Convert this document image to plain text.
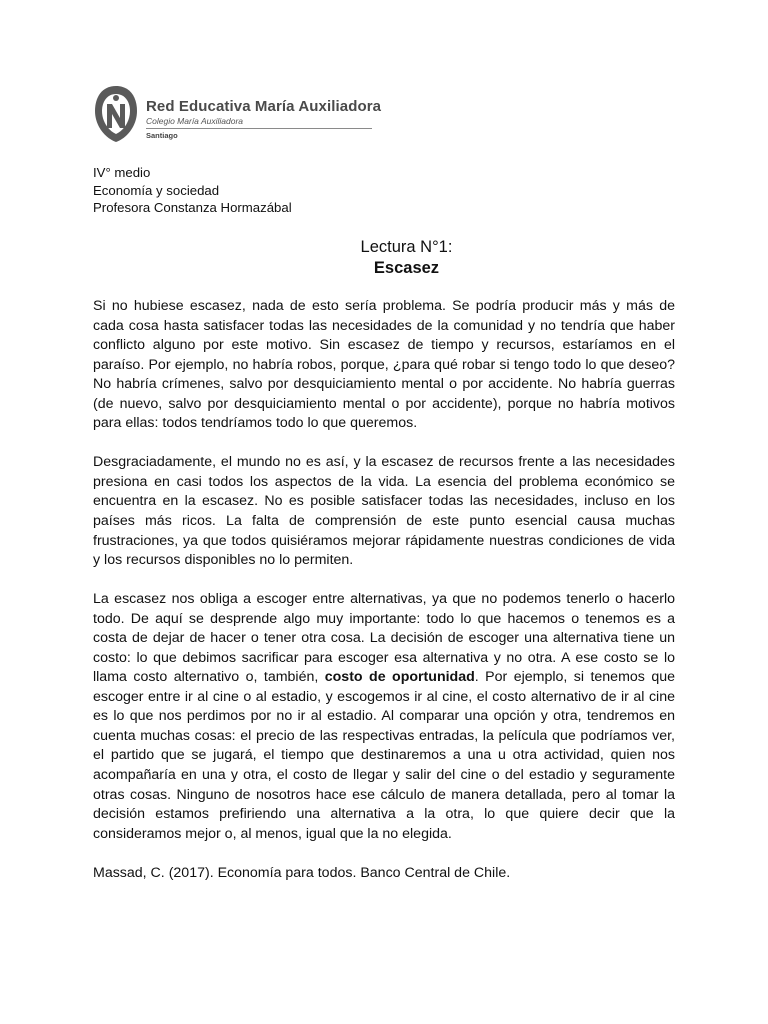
Red Educativa María Auxiliadora
Colegio María Auxiliadora
Santiago
IV° medio
Economía y sociedad
Profesora Constanza Hormazábal
Lectura N°1:
Escasez

Si no hubiese escasez, nada de esto sería problema. Se podría producir más y más de cada cosa hasta satisfacer todas las necesidades de la comunidad y no tendría que haber conflicto alguno por este motivo. Sin escasez de tiempo y recursos, estaríamos en el paraíso. Por ejemplo, no habría robos, porque, ¿para qué robar si tengo todo lo que deseo? No habría crímenes, salvo por desquiciamiento mental o por accidente. No habría guerras (de nuevo, salvo por desquiciamiento mental o por accidente), porque no habría motivos para ellas: todos tendríamos todo lo que queremos.

Desgraciadamente, el mundo no es así, y la escasez de recursos frente a las necesidades presiona en casi todos los aspectos de la vida. La esencia del problema económico se encuentra en la escasez. No es posible satisfacer todas las necesidades, incluso en los países más ricos. La falta de comprensión de este punto esencial causa muchas frustraciones, ya que todos quisiéramos mejorar rápidamente nuestras condiciones de vida y los recursos disponibles no lo permiten.

La escasez nos obliga a escoger entre alternativas, ya que no podemos tenerlo o hacerlo todo. De aquí se desprende algo muy importante: todo lo que hacemos o tenemos es a costa de dejar de hacer o tener otra cosa. La decisión de escoger una alternativa tiene un costo: lo que debimos sacrificar para escoger esa alternativa y no otra. A ese costo se lo llama costo alternativo o, también, costo de oportunidad. Por ejemplo, si tenemos que escoger entre ir al cine o al estadio, y escogemos ir al cine, el costo alternativo de ir al cine es lo que nos perdimos por no ir al estadio. Al comparar una opción y otra, tendremos en cuenta muchas cosas: el precio de las respectivas entradas, la película que podríamos ver, el partido que se jugará, el tiempo que destinaremos a una u otra actividad, quien nos acompañaría en una y otra, el costo de llegar y salir del cine o del estadio y seguramente otras cosas. Ninguno de nosotros hace ese cálculo de manera detallada, pero al tomar la decisión estamos prefiriendo una alternativa a la otra, lo que quiere decir que la consideramos mejor o, al menos, igual que la no elegida.

Massad, C. (2017). Economía para todos. Banco Central de Chile.
